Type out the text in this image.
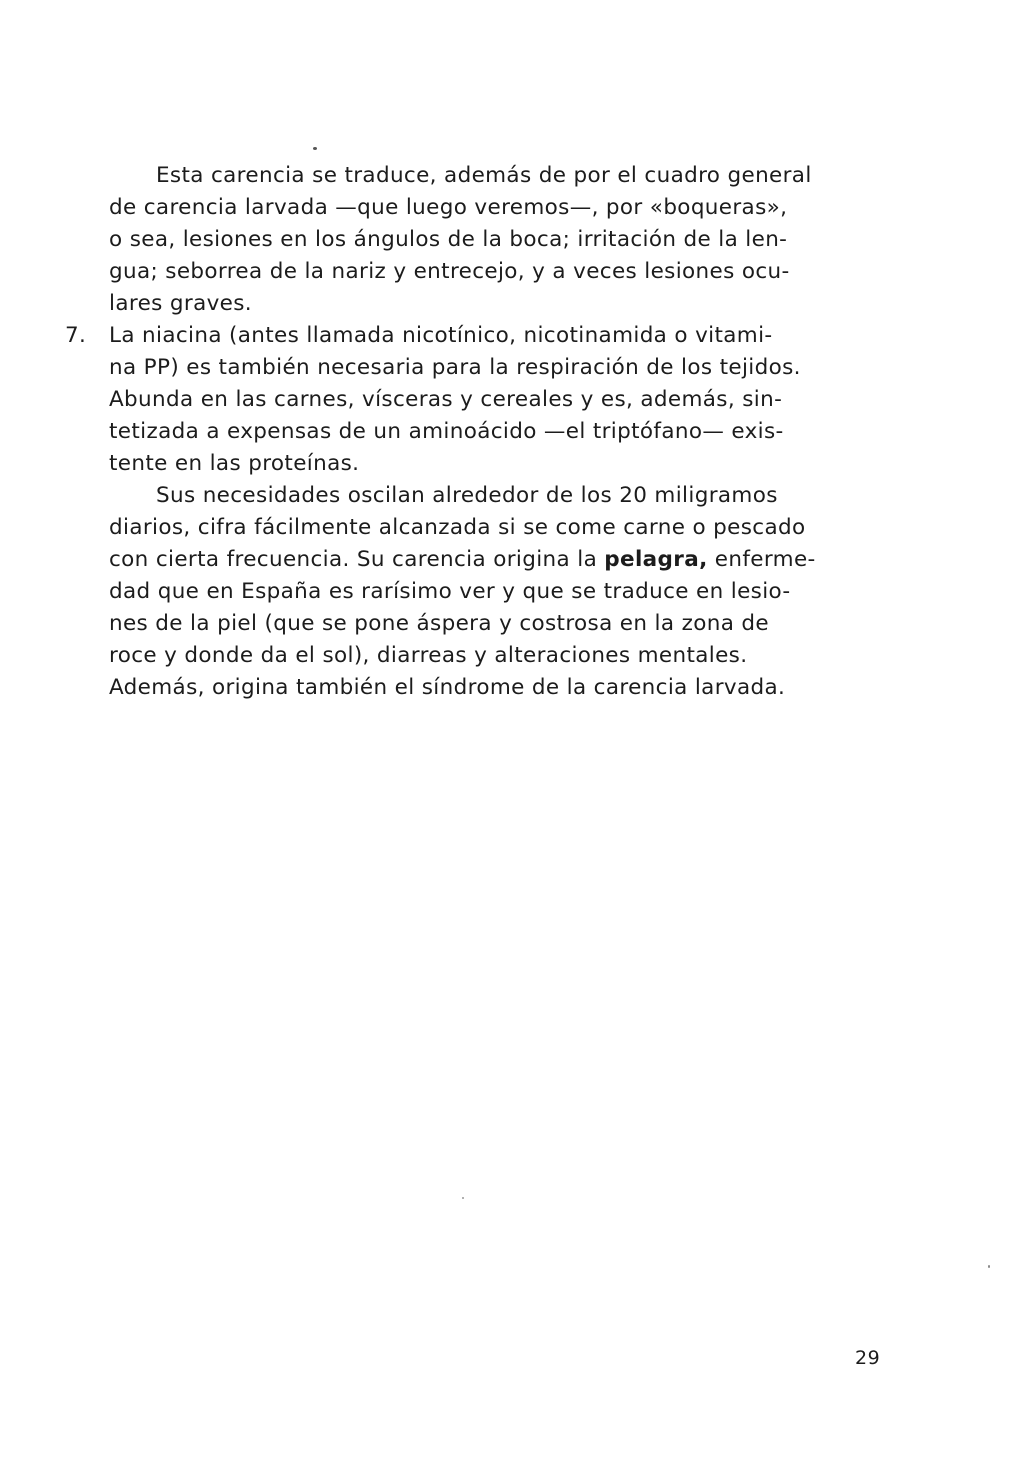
Esta carencia se traduce, además de por el cuadro general
de carencia larvada —que luego veremos—, por «boqueras»,
o sea, lesiones en los ángulos de la boca; irritación de la len-
gua; seborrea de la nariz y entrecejo, y a veces lesiones ocu-
lares graves.
7. La niacina (antes llamada nicotínico, nicotinamida o vitami-
na PP) es también necesaria para la respiración de los tejidos.
Abunda en las carnes, vísceras y cereales y es, además, sin-
tetizada a expensas de un aminoácido —el triptófano— exis-
tente en las proteínas.
Sus necesidades oscilan alrededor de los 20 miligramos
diarios, cifra fácilmente alcanzada si se come carne o pescado
con cierta frecuencia. Su carencia origina la pelagra, enferme-
dad que en España es rarísimo ver y que se traduce en lesio-
nes de la piel (que se pone áspera y costrosa en la zona de
roce y donde da el sol), diarreas y alteraciones mentales.
Además, origina también el síndrome de la carencia larvada.
29
